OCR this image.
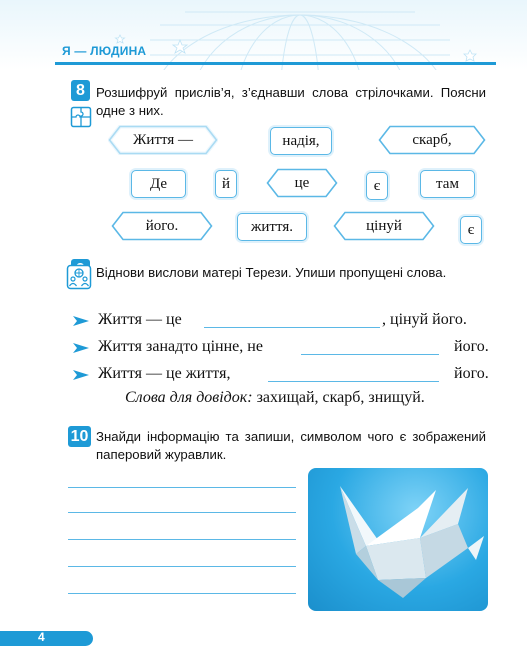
Я — ЛЮДИНА
8 Розшифруй прислів’я, з’єднавши слова стрілочками. Поясни одне з них.
Життя —	надія,	скарб,
Де	й	це	є	там
його.	життя.	цінуй	є
Віднови вислови матері Терези. Упиши пропущені слова.
Життя — це	, цінуй його.
Життя занадто цінне, не	його.
Життя — це життя,	його.
Слова для довідок: захищай, скарб, знищуй.
10 Знайди інформацію та запиши, символом чого є зображений паперовий журавлик.
4
